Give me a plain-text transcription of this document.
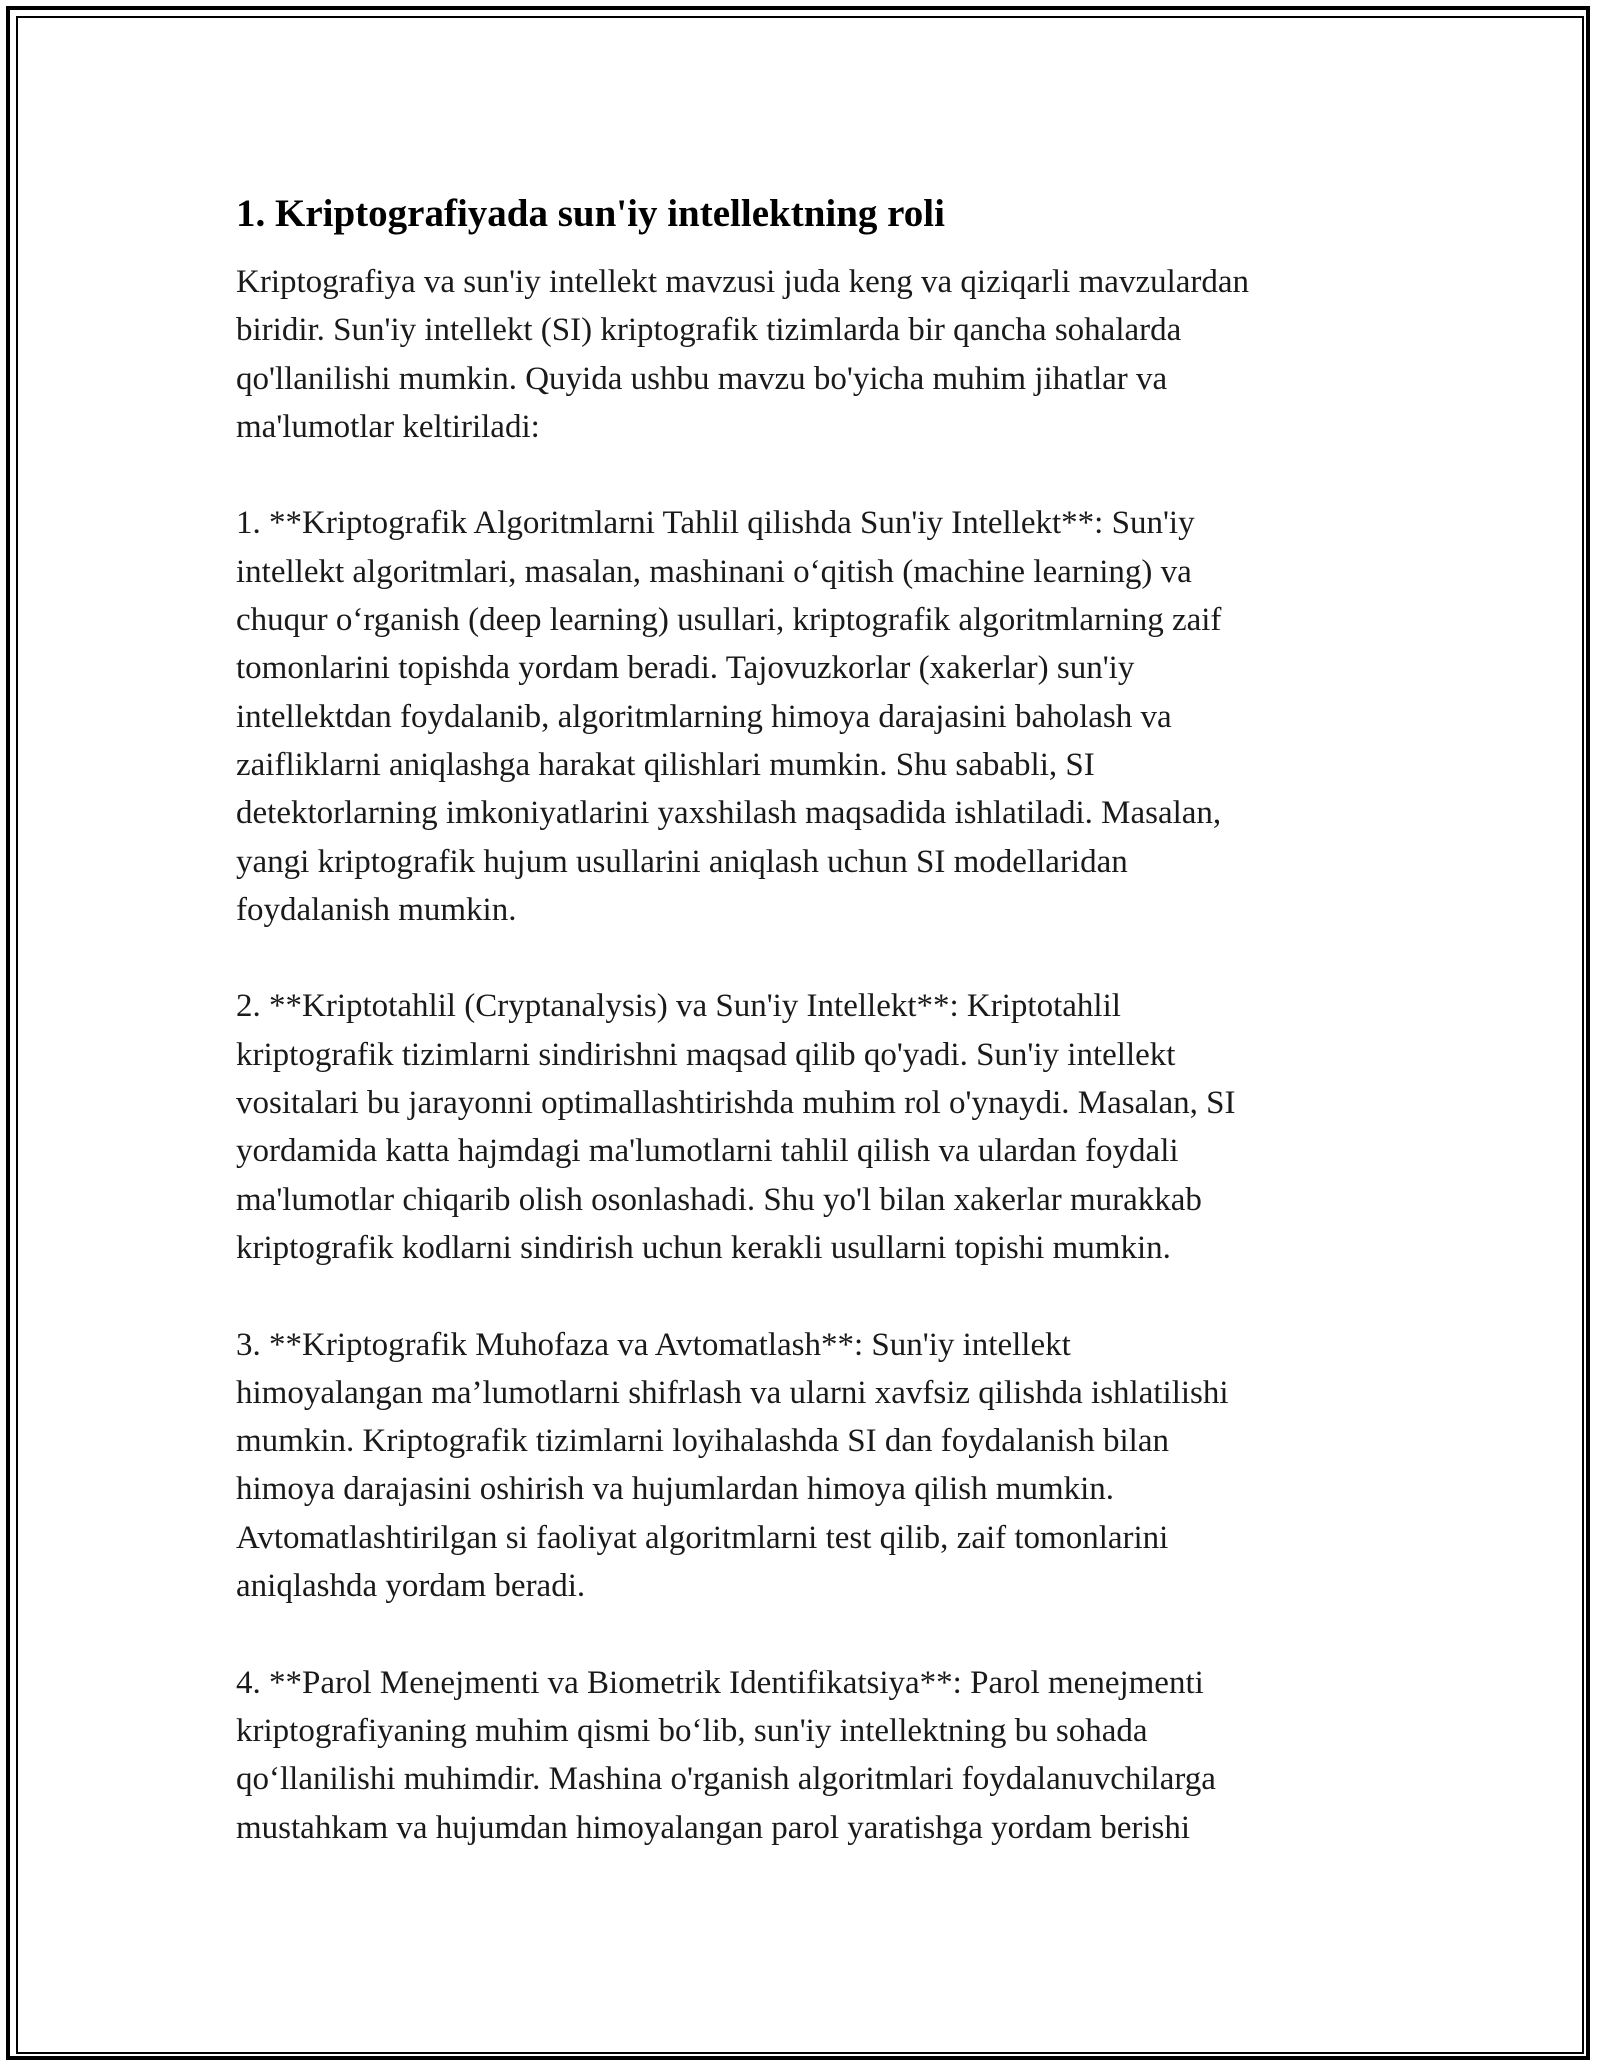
1. Kriptografiyada sun'iy intellektning roli

Kriptografiya va sun'iy intellekt mavzusi juda keng va qiziqarli mavzulardan
biridir. Sun'iy intellekt (SI) kriptografik tizimlarda bir qancha sohalarda
qo'llanilishi mumkin. Quyida ushbu mavzu bo'yicha muhim jihatlar va
ma'lumotlar keltiriladi:

1. **Kriptografik Algoritmlarni Tahlil qilishda Sun'iy Intellekt**: Sun'iy
intellekt algoritmlari, masalan, mashinani o‘qitish (machine learning) va
chuqur o‘rganish (deep learning) usullari, kriptografik algoritmlarning zaif
tomonlarini topishda yordam beradi. Tajovuzkorlar (xakerlar) sun'iy
intellektdan foydalanib, algoritmlarning himoya darajasini baholash va
zaifliklarni aniqlashga harakat qilishlari mumkin. Shu sababli, SI
detektorlarning imkoniyatlarini yaxshilash maqsadida ishlatiladi. Masalan,
yangi kriptografik hujum usullarini aniqlash uchun SI modellaridan
foydalanish mumkin.

2. **Kriptotahlil (Cryptanalysis) va Sun'iy Intellekt**: Kriptotahlil
kriptografik tizimlarni sindirishni maqsad qilib qo'yadi. Sun'iy intellekt
vositalari bu jarayonni optimallashtirishda muhim rol o'ynaydi. Masalan, SI
yordamida katta hajmdagi ma'lumotlarni tahlil qilish va ulardan foydali
ma'lumotlar chiqarib olish osonlashadi. Shu yo'l bilan xakerlar murakkab
kriptografik kodlarni sindirish uchun kerakli usullarni topishi mumkin.

3. **Kriptografik Muhofaza va Avtomatlash**: Sun'iy intellekt
himoyalangan ma’lumotlarni shifrlash va ularni xavfsiz qilishda ishlatilishi
mumkin. Kriptografik tizimlarni loyihalashda SI dan foydalanish bilan
himoya darajasini oshirish va hujumlardan himoya qilish mumkin.
Avtomatlashtirilgan si faoliyat algoritmlarni test qilib, zaif tomonlarini
aniqlashda yordam beradi.

4. **Parol Menejmenti va Biometrik Identifikatsiya**: Parol menejmenti
kriptografiyaning muhim qismi bo‘lib, sun'iy intellektning bu sohada
qo‘llanilishi muhimdir. Mashina o'rganish algoritmlari foydalanuvchilarga
mustahkam va hujumdan himoyalangan parol yaratishga yordam berishi
